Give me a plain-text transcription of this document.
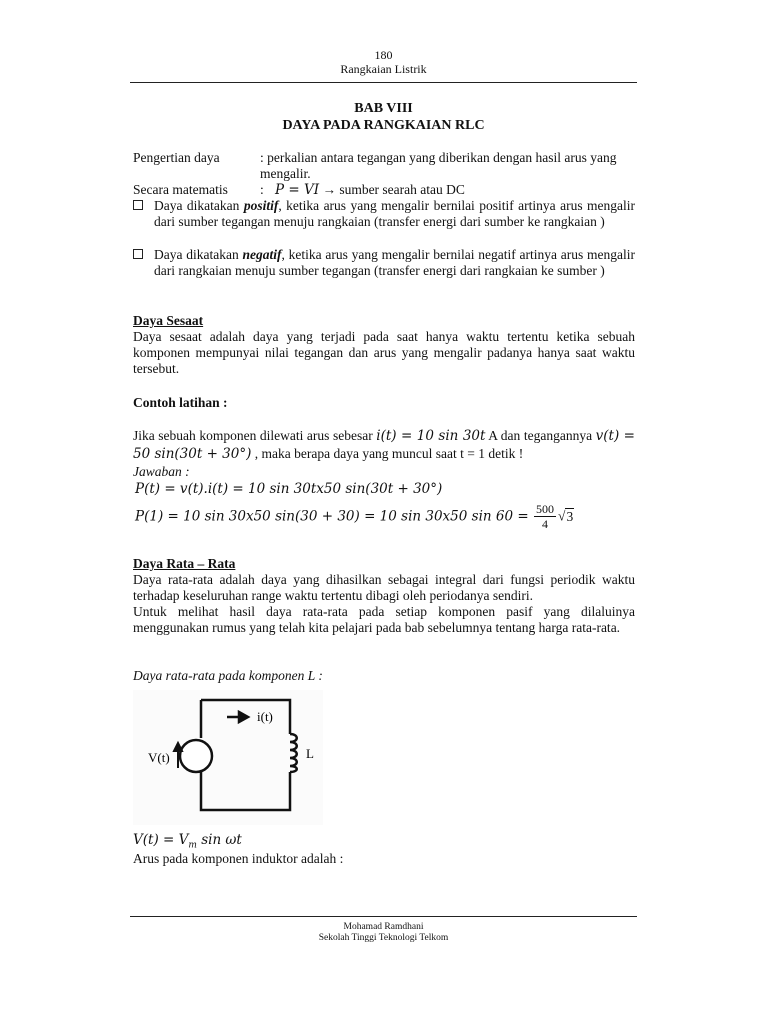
180
Rangkaian Listrik
BAB VIII
DAYA PADA RANGKAIAN RLC
Pengertian daya	: perkalian antara tegangan yang diberikan dengan hasil arus yang mengalir.
Secara matematis : P = VI → sumber searah atau DC
Daya dikatakan positif, ketika arus yang mengalir bernilai positif artinya arus mengalir dari sumber tegangan menuju rangkaian (transfer energi dari sumber ke rangkaian )
Daya dikatakan negatif, ketika arus yang mengalir bernilai negatif artinya arus mengalir dari rangkaian menuju sumber tegangan (transfer energi dari rangkaian ke sumber )
Daya Sesaat
Daya sesaat adalah daya yang terjadi pada saat hanya waktu tertentu ketika sebuah komponen mempunyai nilai tegangan dan arus yang mengalir padanya hanya saat waktu tersebut.
Contoh latihan :
Jika sebuah komponen dilewati arus sebesar i(t) = 10 sin 30t A dan tegangannya v(t) = 50 sin(30t + 30°) , maka berapa daya yang muncul saat t = 1 detik !
Jawaban :
P(t) = v(t).i(t) = 10 sin 30tx50 sin(30t + 30°)
P(1) = 10 sin 30x50 sin(30 + 30) = 10 sin 30x50 $\sin 60 = \frac{500}{4} √3$
Daya Rata – Rata
Daya rata-rata adalah daya yang dihasilkan sebagai integral dari fungsi periodik waktu terhadap keseluruhan range waktu tertentu dibagi oleh periodanya sendiri.
Untuk melihat hasil daya rata-rata pada setiap komponen pasif yang dilaluinya menggunakan rumus yang telah kita pelajari pada bab sebelumnya tentang harga rata-rata.
Daya rata-rata pada komponen L :
i(t)
V(t)	L
$V(t) = V_m$ sin ωt
Arus pada komponen induktor adalah :
Mohamad Ramdhani
Sekolah Tinggi Teknologi Telkom
